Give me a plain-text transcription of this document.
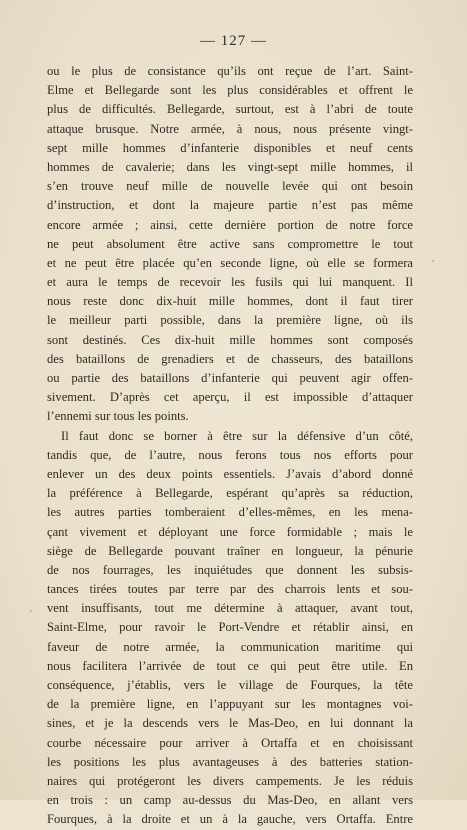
— 127 —
ou le plus de consistance qu’ils ont reçue de l’art. Saint-
Elme et Bellegarde sont les plus considérables et offrent le
plus de difficultés. Bellegarde, surtout, est à l’abri de toute
attaque brusque. Notre armée, à nous, nous présente vingt-
sept mille hommes d’infanterie disponibles et neuf cents
hommes de cavalerie; dans les vingt-sept mille hommes, il
s’en trouve neuf mille de nouvelle levée qui ont besoin
d’instruction, et dont la majeure partie n’est pas même
encore armée ; ainsi, cette dernière portion de notre force
ne peut absolument être active sans compromettre le tout
et ne peut être placée qu’en seconde ligne, où elle se formera
et aura le temps de recevoir les fusils qui lui manquent. Il
nous reste donc dix-huit mille hommes, dont il faut tirer
le meilleur parti possible, dans la première ligne, où ils
sont destinés. Ces dix-huit mille hommes sont composés
des bataillons de grenadiers et de chasseurs, des bataillons
ou partie des bataillons d’infanterie qui peuvent agir offen-
sivement. D’après cet aperçu, il est impossible d’attaquer
l’ennemi sur tous les points.
Il faut donc se borner à être sur la défensive d’un côté,
tandis que, de l’autre, nous ferons tous nos efforts pour
enlever un des deux points essentiels. J’avais d’abord donné
la préférence à Bellegarde, espérant qu’après sa réduction,
les autres parties tomberaient d’elles-mêmes, en les mena-
çant vivement et déployant une force formidable ; mais le
siège de Bellegarde pouvant traîner en longueur, la pénurie
de nos fourrages, les inquiétudes que donnent les subsis-
tances tirées toutes par terre par des charrois lents et sou-
vent insuffisants, tout me détermine à attaquer, avant tout,
Saint-Elme, pour ravoir le Port-Vendre et rétablir ainsi, en
faveur de notre armée, la communication maritime qui
nous facilitera l’arrivée de tout ce qui peut être utile. En
conséquence, j’établis, vers le village de Fourques, la tête
de la première ligne, en l’appuyant sur les montagnes voi-
sines, et je la descends vers le Mas-Deo, en lui donnant la
courbe nécessaire pour arriver à Ortaffa et en choisissant
les positions les plus avantageuses à des batteries station-
naires qui protégeront les divers campements. Je les réduis
en trois : un camp au-dessus du Mas-Deo, en allant vers
Fourques, à la droite et un à la gauche, vers Ortaffa. Entre
